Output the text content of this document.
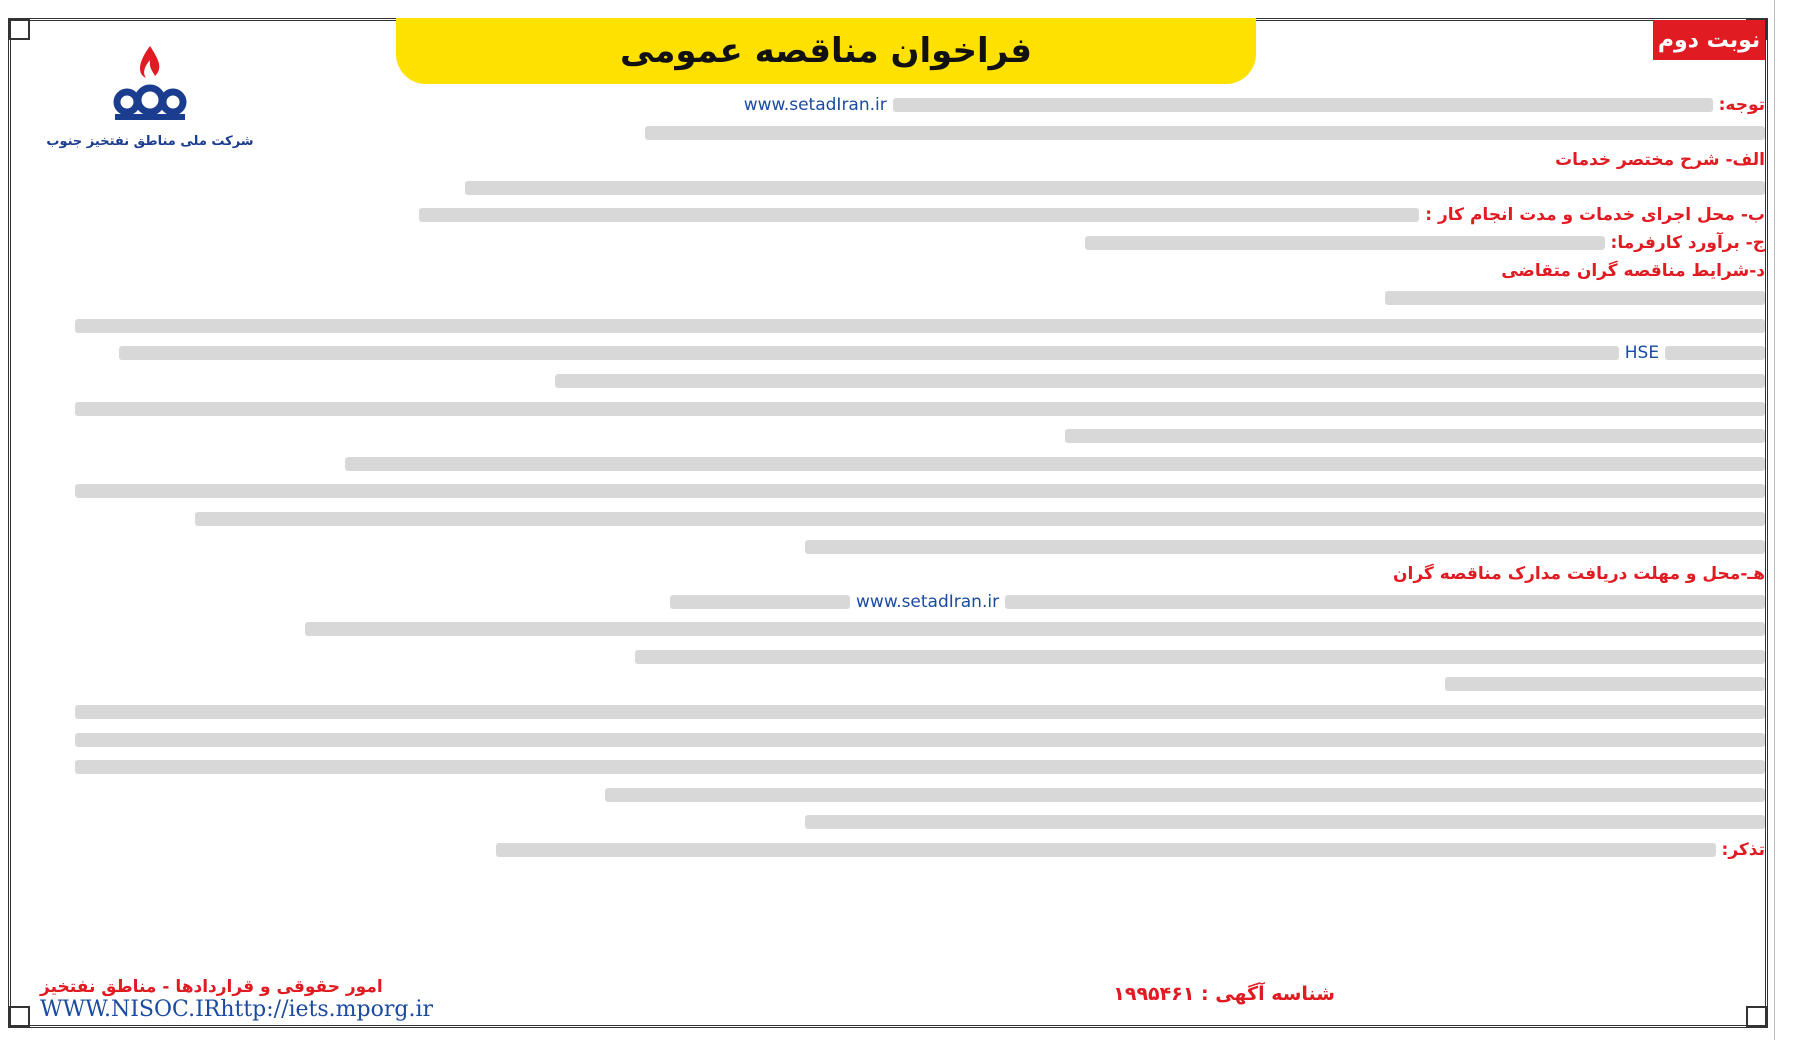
فراخوان مناقصه عمومی	نوبت دوم
شرکت ملی مناطق نفتخیز جنوب
توجه:  www.setadIran.ir
الف- شرح مختصر خدمات
ب- محل اجرای خدمات و مدت انجام کار :
ج- برآورد کارفرما:
د-شرایط مناقصه گران متقاضی
HSE
هـ-محل و مهلت دریافت مدارک مناقصه گران
www.setadIran.ir
تذکر:
شناسه آگهی : ۱۹۹۵۴۶۱
امور حقوقی و قراردادها - مناطق نفتخیز
WWW.NISOC.IRhttp://iets.mporg.ir
